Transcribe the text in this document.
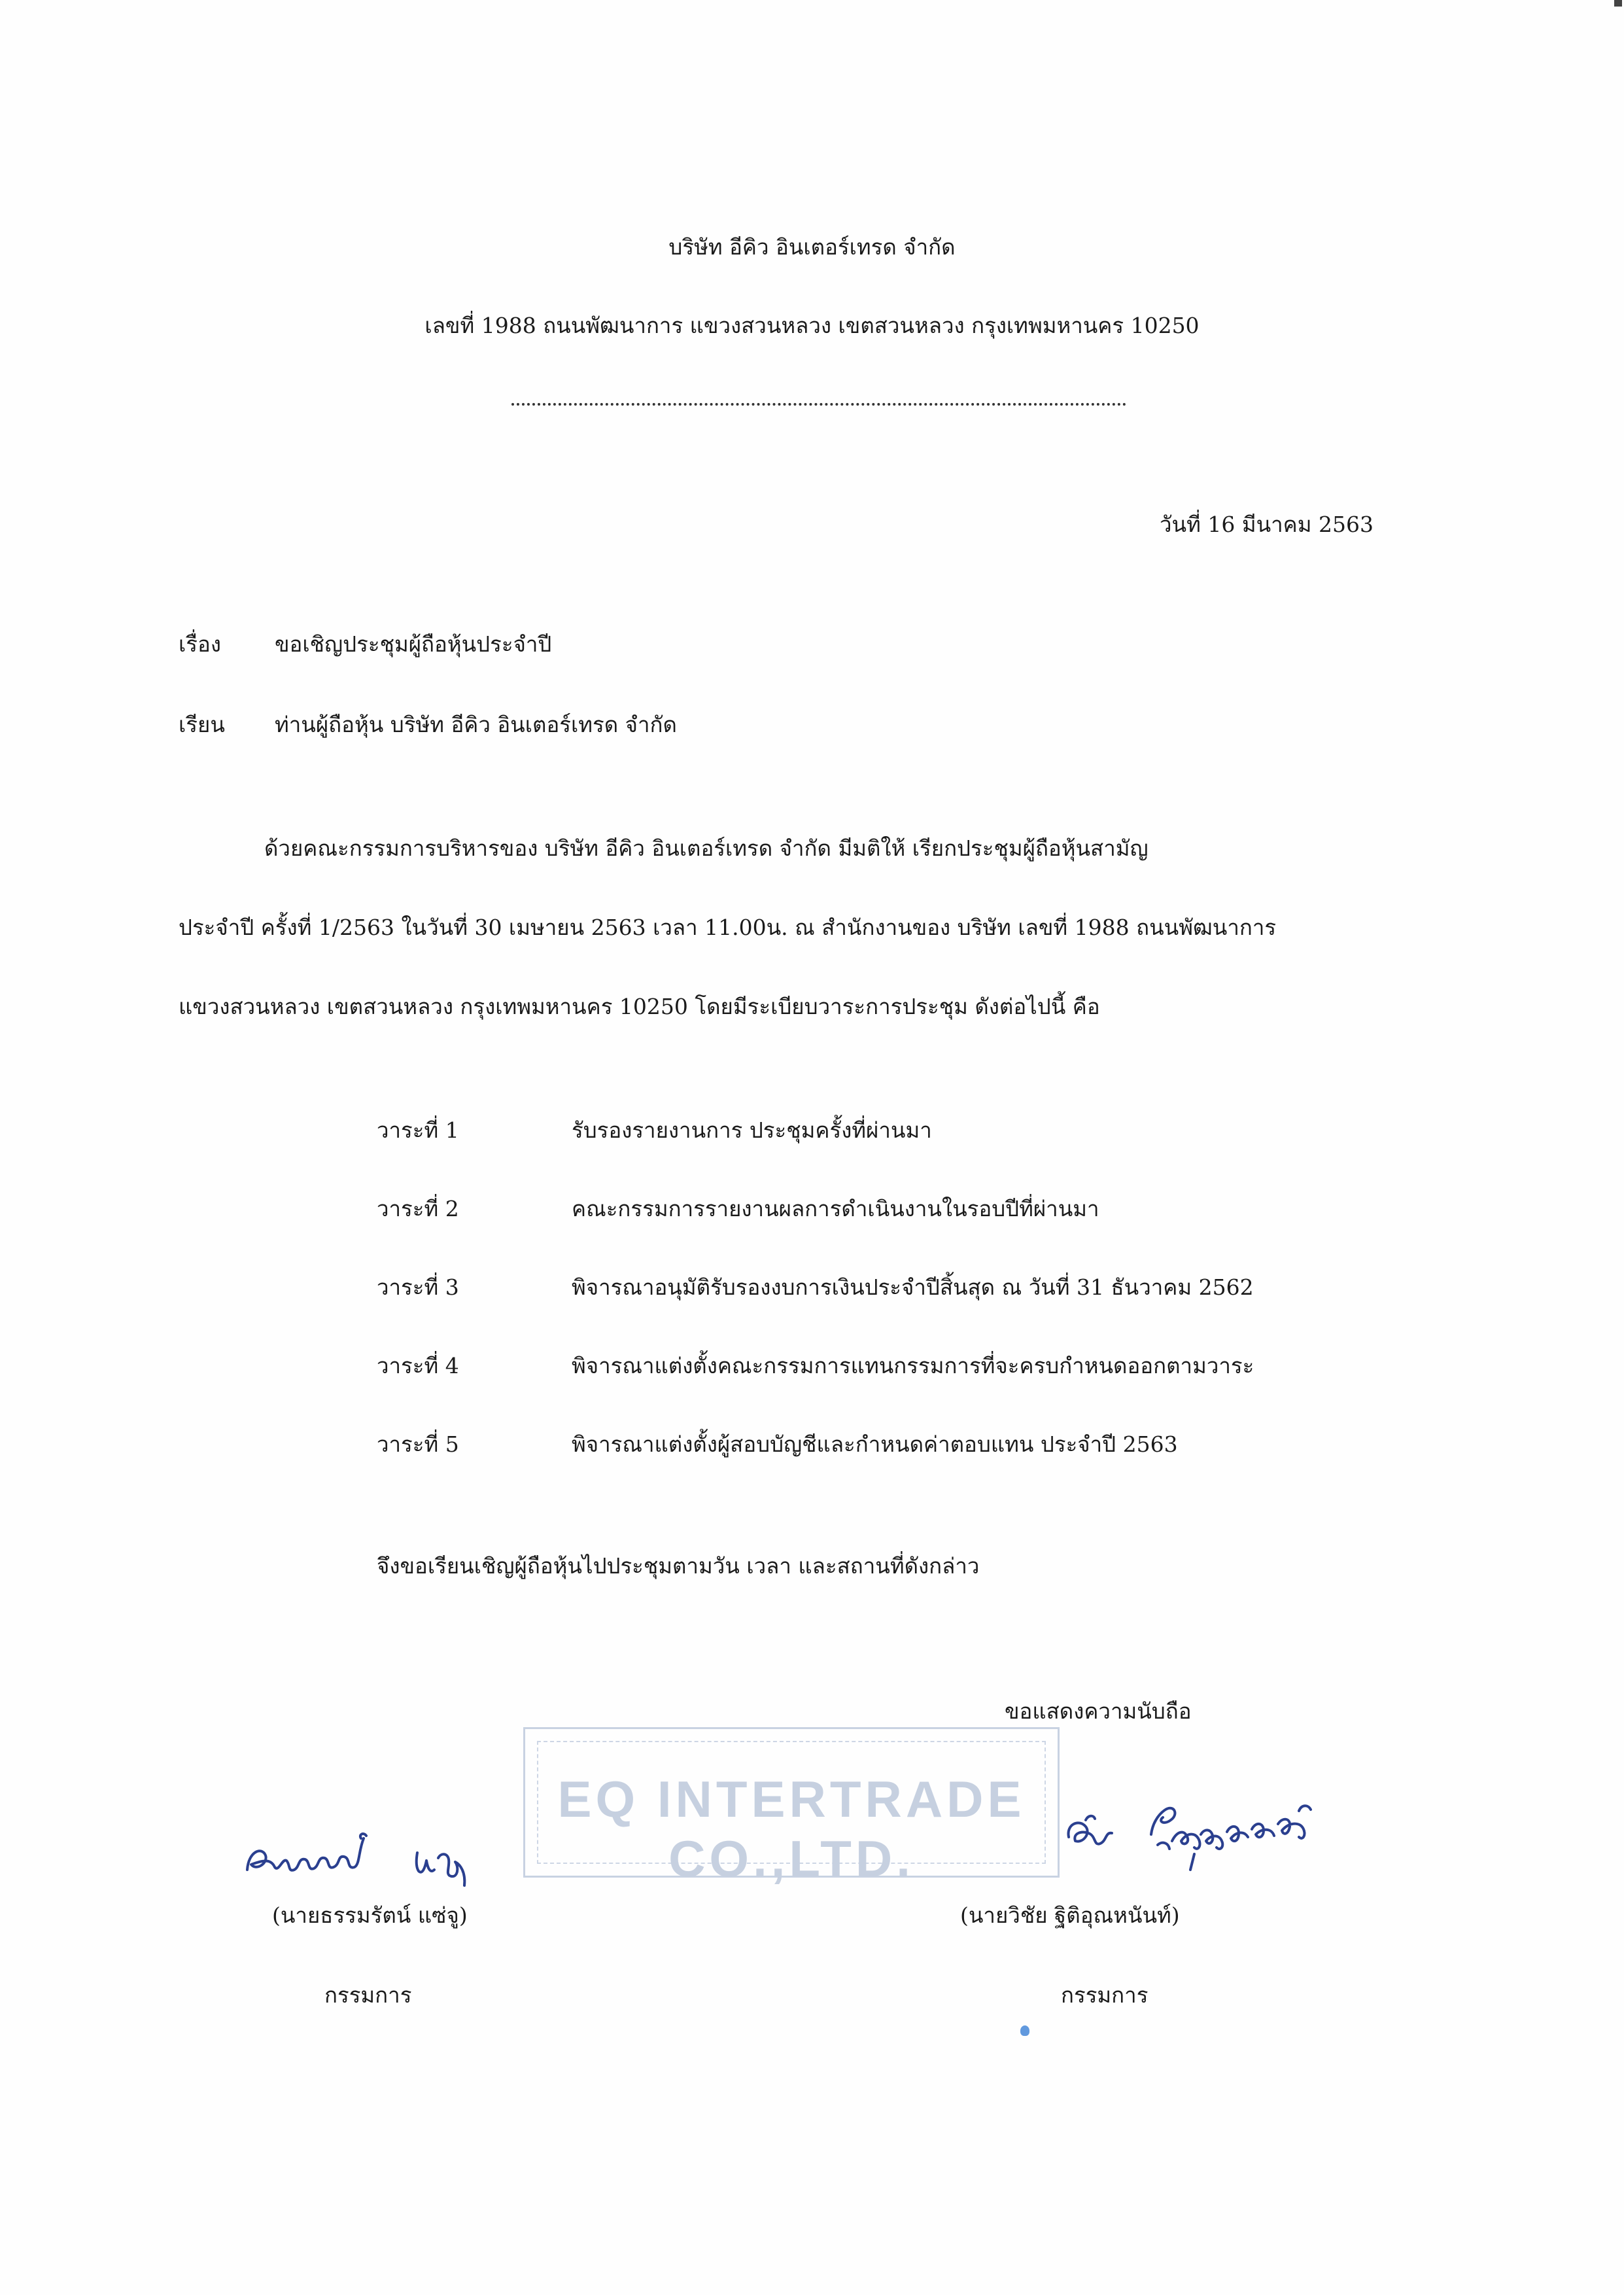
บริษัท อีคิว อินเตอร์เทรด จำกัด
เลขที่ 1988 ถนนพัฒนาการ แขวงสวนหลวง เขตสวนหลวง กรุงเทพมหานคร 10250
วันที่ 16 มีนาคม 2563
เรื่อง ขอเชิญประชุมผู้ถือหุ้นประจำปี
เรียน ท่านผู้ถือหุ้น บริษัท อีคิว อินเตอร์เทรด จำกัด
ด้วยคณะกรรมการบริหารของ บริษัท อีคิว อินเตอร์เทรด จำกัด มีมติให้ เรียกประชุมผู้ถือหุ้นสามัญ
ประจำปี ครั้งที่ 1/2563 ในวันที่ 30 เมษายน 2563 เวลา 11.00น. ณ สำนักงานของ บริษัท เลขที่ 1988 ถนนพัฒนาการ
แขวงสวนหลวง เขตสวนหลวง กรุงเทพมหานคร 10250 โดยมีระเบียบวาระการประชุม ดังต่อไปนี้ คือ
วาระที่ 1	รับรองรายงานการ ประชุมครั้งที่ผ่านมา
วาระที่ 2	คณะกรรมการรายงานผลการดำเนินงานในรอบปีที่ผ่านมา
วาระที่ 3	พิจารณาอนุมัติรับรองงบการเงินประจำปีสิ้นสุด ณ วันที่ 31 ธันวาคม 2562
วาระที่ 4	พิจารณาแต่งตั้งคณะกรรมการแทนกรรมการที่จะครบกำหนดออกตามวาระ
วาระที่ 5	พิจารณาแต่งตั้งผู้สอบบัญชีและกำหนดค่าตอบแทน ประจำปี 2563
จึงขอเรียนเชิญผู้ถือหุ้นไปประชุมตามวัน เวลา และสถานที่ดังกล่าว
ขอแสดงความนับถือ
EQ INTERTRADE CO.,LTD.
(นายธรรมรัตน์ แซ่จู)
กรรมการ
(นายวิชัย ฐิติอุณหนันท์)
กรรมการ
